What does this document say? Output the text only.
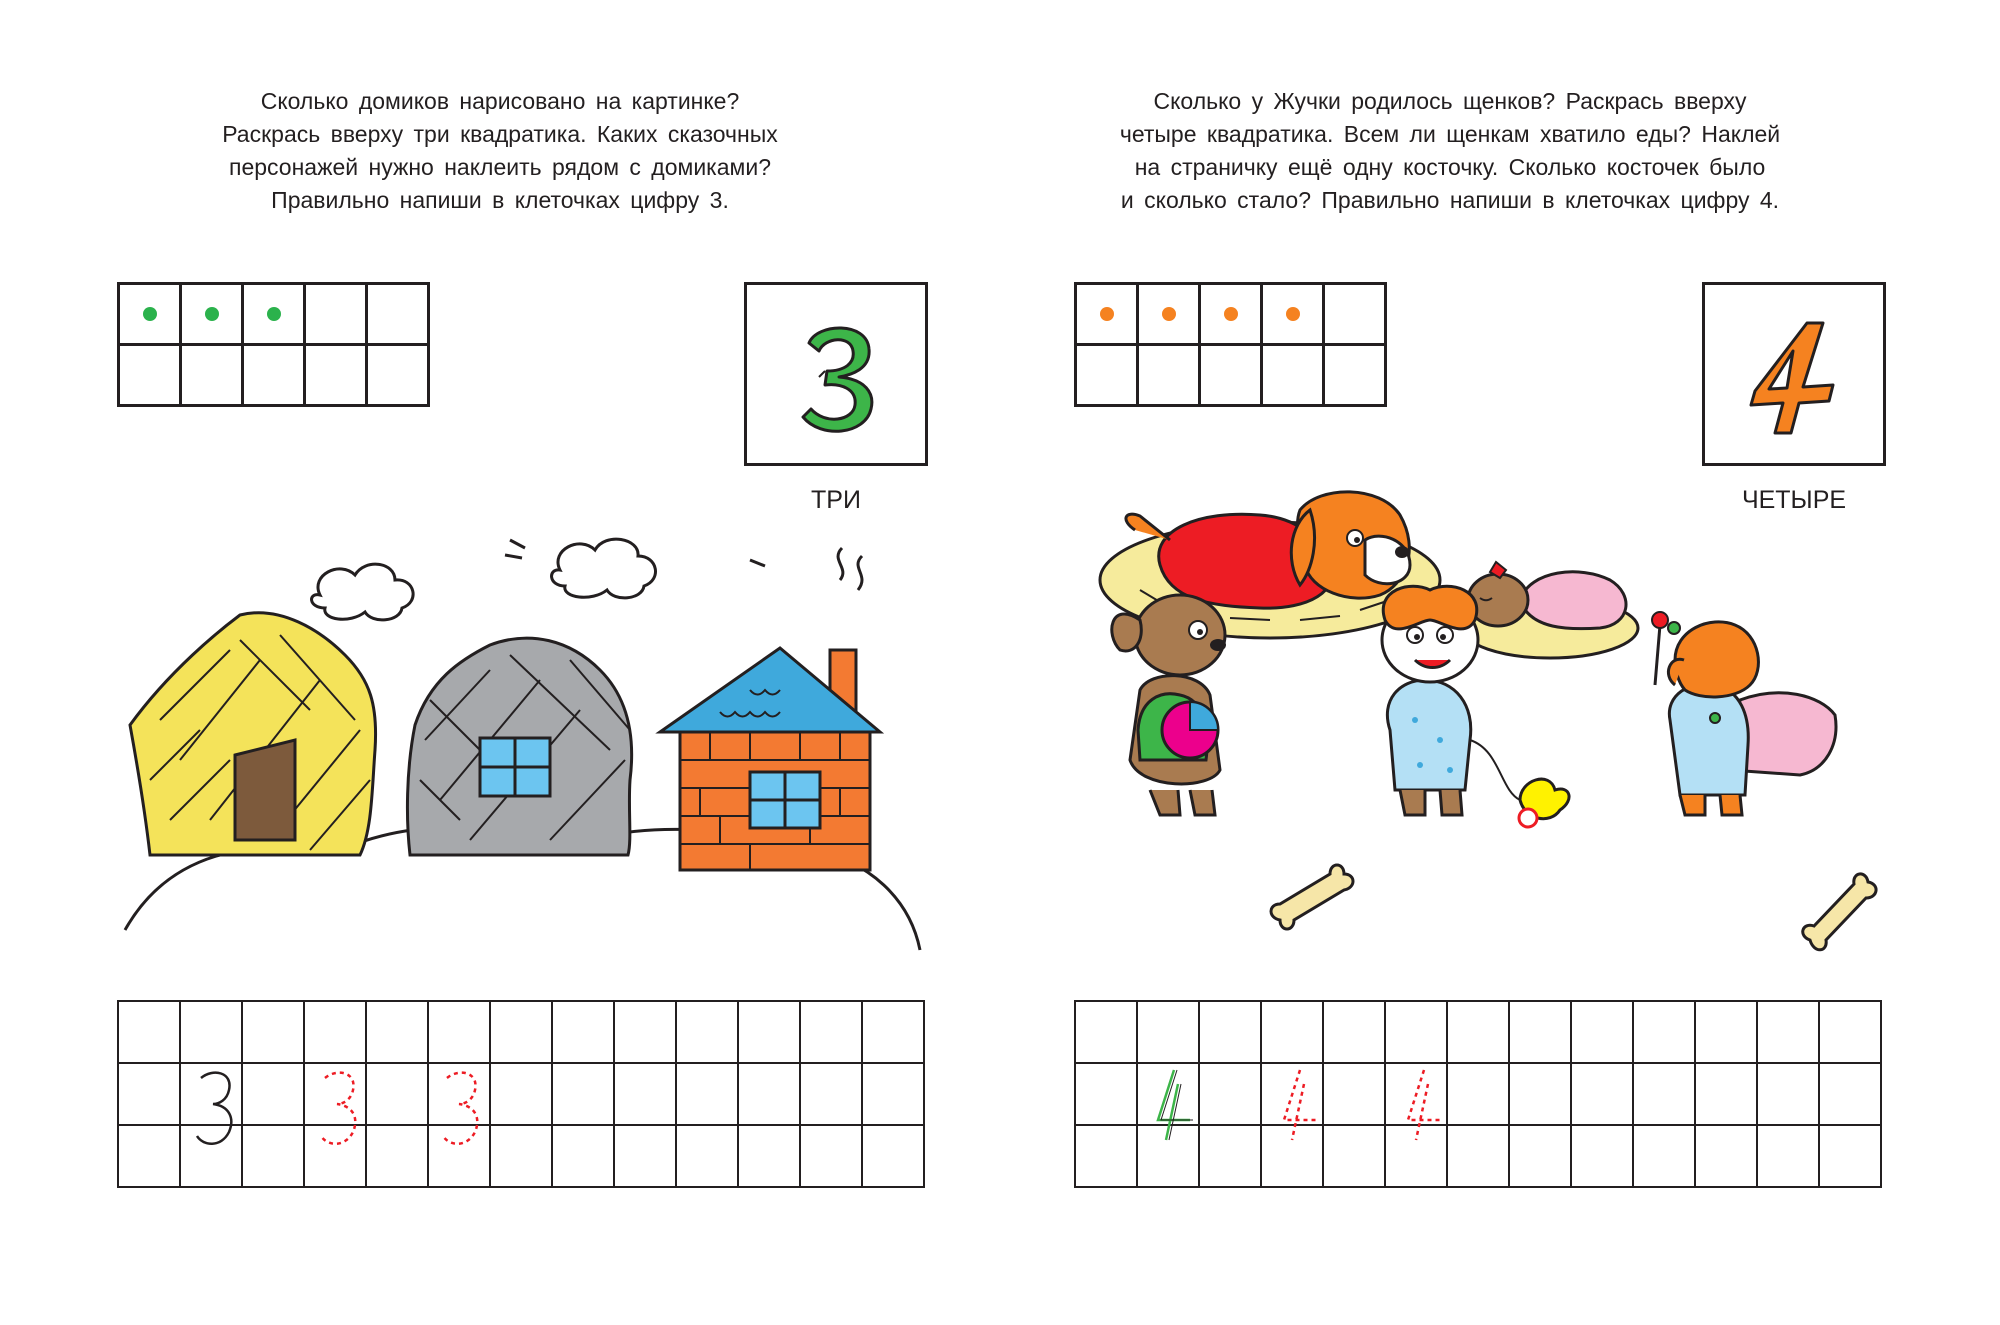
Сколько домиков нарисовано на картинке?
Раскрась вверху три квадратика. Каких сказочных
персонажей нужно наклеить рядом с домиками?
Правильно напиши в клеточках цифру 3.
ТРИ
Сколько у Жучки родилось щенков? Раскрась вверху
четыре квадратика. Всем ли щенкам хватило еды? Наклей
на страничку ещё одну косточку. Сколько косточек было
и сколько стало? Правильно напиши в клеточках цифру 4.
ЧЕТЫРЕ
